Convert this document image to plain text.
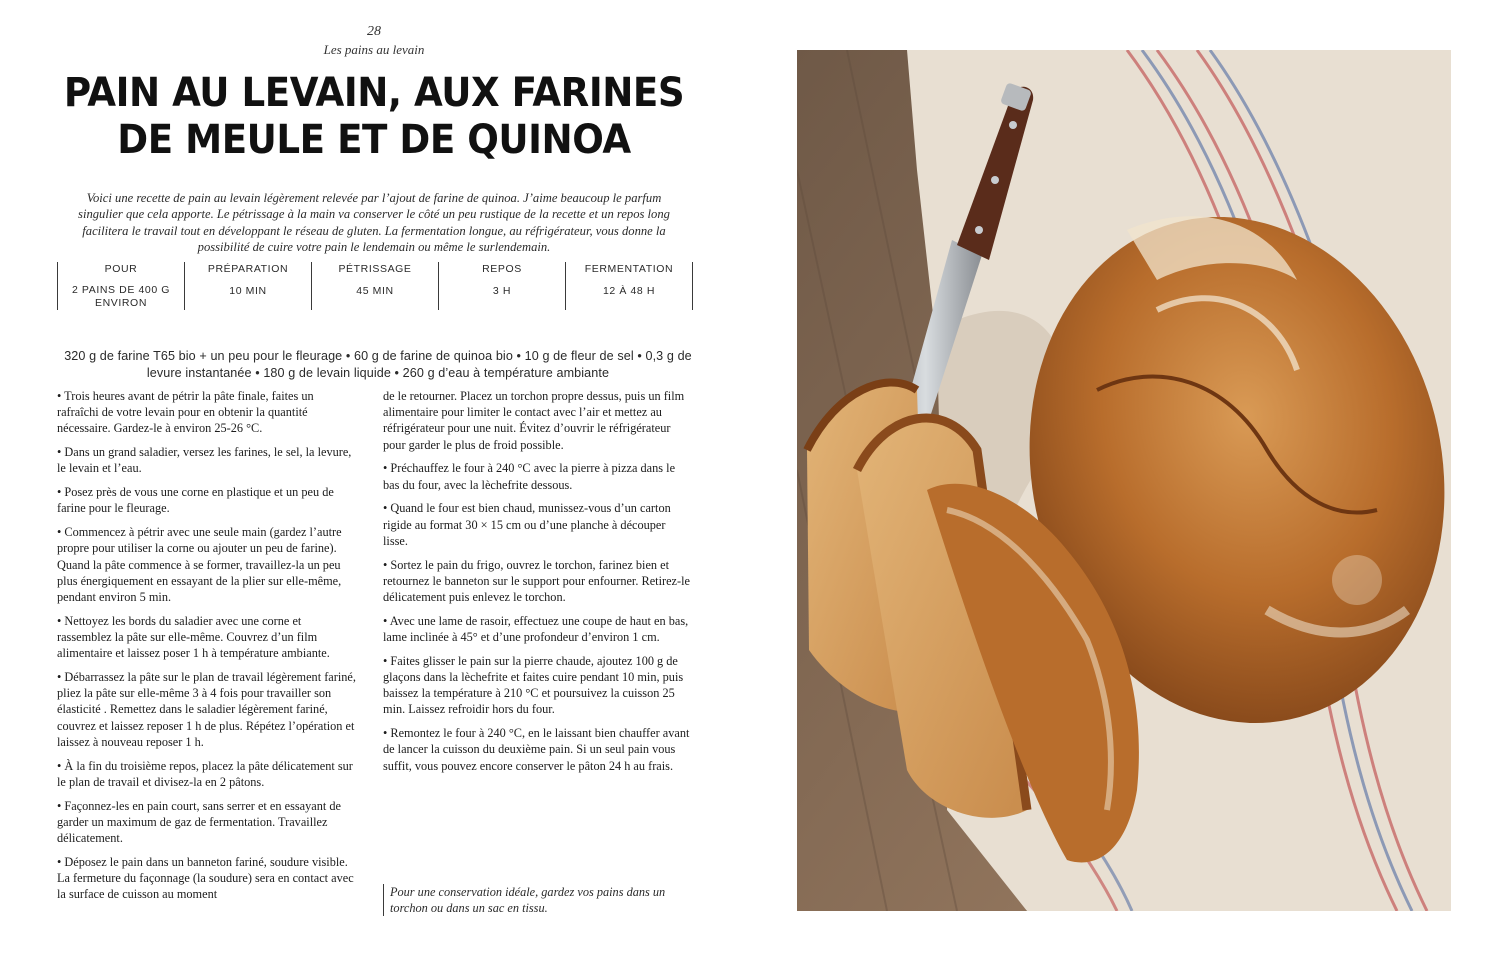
28
Les pains au levain
PAIN AU LEVAIN, AUX FARINES
DE MEULE ET DE QUINOA

Voici une recette de pain au levain légèrement relevée par l’ajout de farine de quinoa. J’aime beaucoup le parfum singulier que cela apporte. Le pétrissage à la main va conserver le côté un peu rustique de la recette et un repos long facilitera le travail tout en développant le réseau de gluten. La fermentation longue, au réfrigérateur, vous donne la possibilité de cuire votre pain le lendemain ou même le surlendemain.

POUR
2 PAINS DE 400 G ENVIRON
PRÉPARATION
10 MIN
PÉTRISSAGE
45 MIN
REPOS
3 H
FERMENTATION
12 À 48 H

320 g de farine T65 bio + un peu pour le fleurage • 60 g de farine de quinoa bio • 10 g de fleur de sel • 0,3 g de levure instantanée • 180 g de levain liquide • 260 g d’eau à température ambiante

• Trois heures avant de pétrir la pâte finale, faites un rafraîchi de votre levain pour en obtenir la quantité nécessaire. Gardez-le à environ 25-26 °C.

• Dans un grand saladier, versez les farines, le sel, la levure, le levain et l’eau.

• Posez près de vous une corne en plastique et un peu de farine pour le fleurage.

• Commencez à pétrir avec une seule main (gardez l’autre propre pour utiliser la corne ou ajouter un peu de farine). Quand la pâte commence à se former, travaillez-la un peu plus énergiquement en essayant de la plier sur elle-même, pendant environ 5 min.

• Nettoyez les bords du saladier avec une corne et rassemblez la pâte sur elle-même. Couvrez d’un film alimentaire et laissez poser 1 h à température ambiante.

• Débarrassez la pâte sur le plan de travail légèrement fariné, pliez la pâte sur elle-même 3 à 4 fois pour travailler son élasticité . Remettez dans le saladier légèrement fariné, couvrez et laissez reposer 1 h de plus. Répétez l’opération et laissez à nouveau reposer 1 h.

• À la fin du troisième repos, placez la pâte délicatement sur le plan de travail et divisez-la en 2 pâtons.

• Façonnez-les en pain court, sans serrer et en essayant de garder un maximum de gaz de fermentation. Travaillez délicatement.

• Déposez le pain dans un banneton fariné, soudure visible. La fermeture du façonnage (la soudure) sera en contact avec la surface de cuisson au moment

de le retourner. Placez un torchon propre dessus, puis un film alimentaire pour limiter le contact avec l’air et mettez au réfrigérateur pour une nuit. Évitez d’ouvrir le réfrigérateur pour garder le plus de froid possible.

• Préchauffez le four à 240 °C avec la pierre à pizza dans le bas du four, avec la lèchefrite dessous.

• Quand le four est bien chaud, munissez-vous d’un carton rigide au format 30 × 15 cm ou d’une planche à découper lisse.

• Sortez le pain du frigo, ouvrez le torchon, farinez bien et retournez le banneton sur le support pour enfourner. Retirez-le délicatement puis enlevez le torchon.

• Avec une lame de rasoir, effectuez une coupe de haut en bas, lame inclinée à 45° et d’une profondeur d’environ 1 cm.

• Faites glisser le pain sur la pierre chaude, ajoutez 100 g de glaçons dans la lèchefrite et faites cuire pendant 10 min, puis baissez la température à 210 °C et poursuivez la cuisson 25 min. Laissez refroidir hors du four.

• Remontez le four à 240 °C, en le laissant bien chauffer avant de lancer la cuisson du deuxième pain. Si un seul pain vous suffit, vous pouvez encore conserver le pâton 24 h au frais.

Pour une conservation idéale, gardez vos pains dans un torchon ou dans un sac en tissu.
